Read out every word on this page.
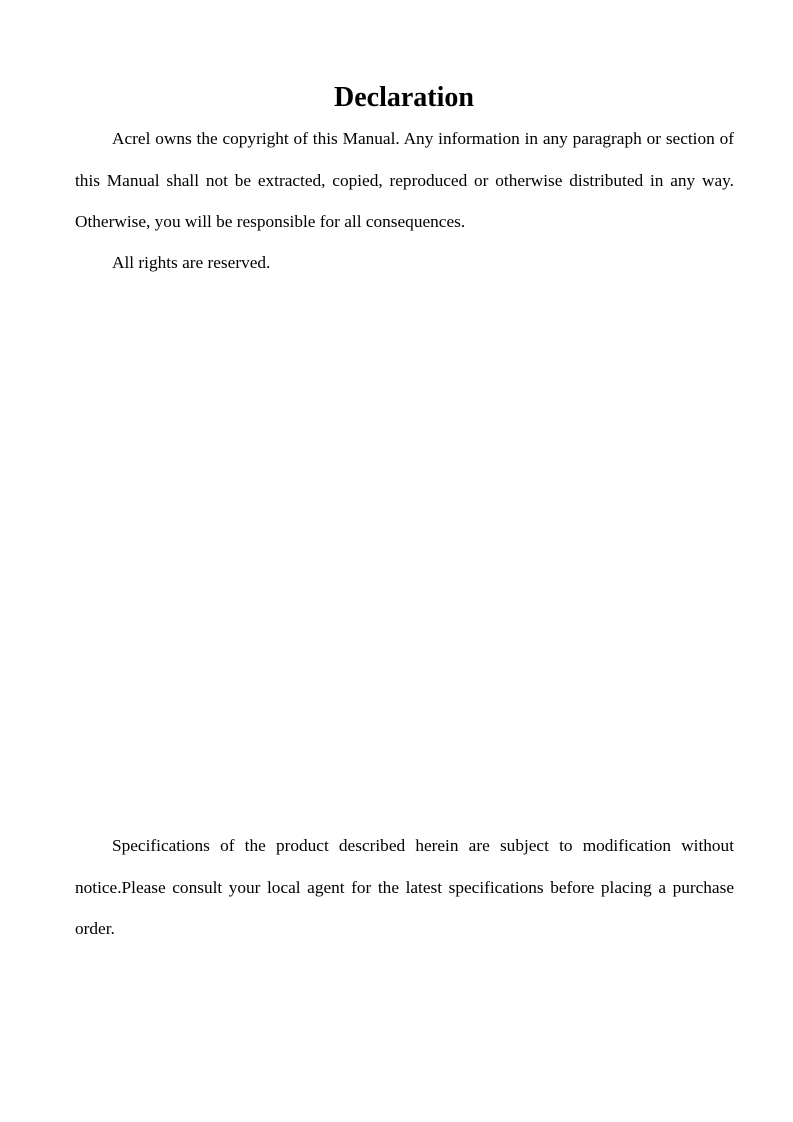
Declaration

Acrel owns the copyright of this Manual. Any information in any paragraph or section of this Manual shall not be extracted, copied, reproduced or otherwise distributed in any way. Otherwise, you will be responsible for all consequences.

All rights are reserved.

Specifications of the product described herein are subject to modification without notice.Please consult your local agent for the latest specifications before placing a purchase order.
